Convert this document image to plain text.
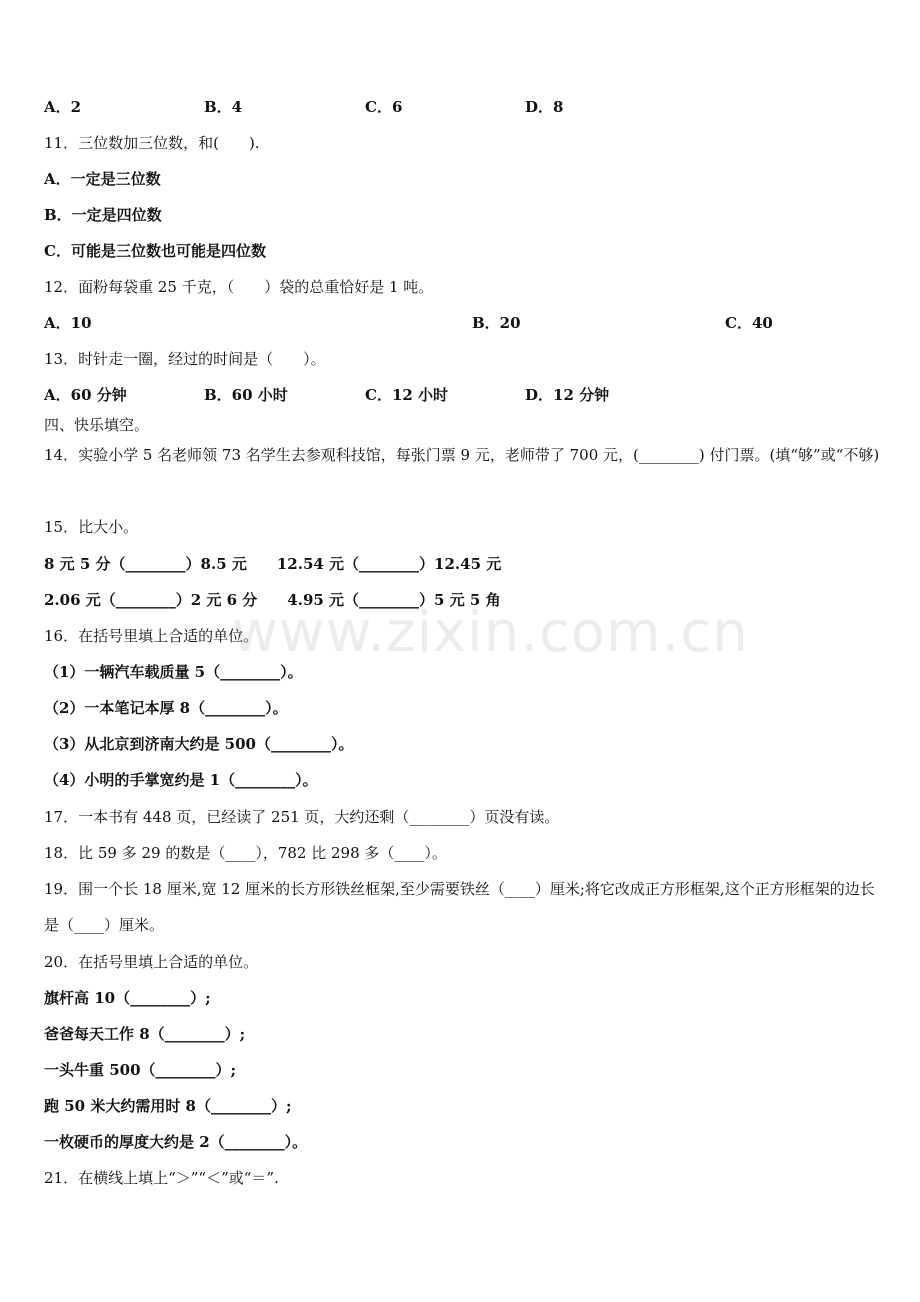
www.zixin.com.cn
A．2	B．4	C．6	D．8
11．三位数加三位数，和(　　).
A．一定是三位数
B．一定是四位数
C．可能是三位数也可能是四位数
12．面粉每袋重 25 千克，（　　）袋的总重恰好是 1 吨。
A．10	B．20	C．40
13．时针走一圈，经过的时间是（　　）。
A．60 分钟	B．60 小时	C．12 小时	D．12 分钟
四、快乐填空。
14．实验小学 5 名老师领 73 名学生去参观科技馆，每张门票 9 元，老师带了 700 元，(________) 付门票。(填“够”或“不够)
15．比大小。
8 元 5 分（________）8.5 元　　12.54 元（________）12.45 元
2.06 元（________）2 元 6 分　　4.95 元（________）5 元 5 角
16．在括号里填上合适的单位。
（1）一辆汽车载质量 5（________）。
（2）一本笔记本厚 8（________）。
（3）从北京到济南大约是 500（________）。
（4）小明的手掌宽约是 1（________）。
17．一本书有 448 页，已经读了 251 页，大约还剩（________）页没有读。
18．比 59 多 29 的数是（____），782 比 298 多（____）。
19．围一个长 18 厘米,宽 12 厘米的长方形铁丝框架,至少需要铁丝（____）厘米;将它改成正方形框架,这个正方形框架的边长是（____）厘米。
20．在括号里填上合适的单位。
旗杆高 10（________）;
爸爸每天工作 8（________）;
一头牛重 500（________）;
跑 50 米大约需用时 8（________）;
一枚硬币的厚度大约是 2（________）。
21．在横线上填上“＞”“＜”或“＝”.
